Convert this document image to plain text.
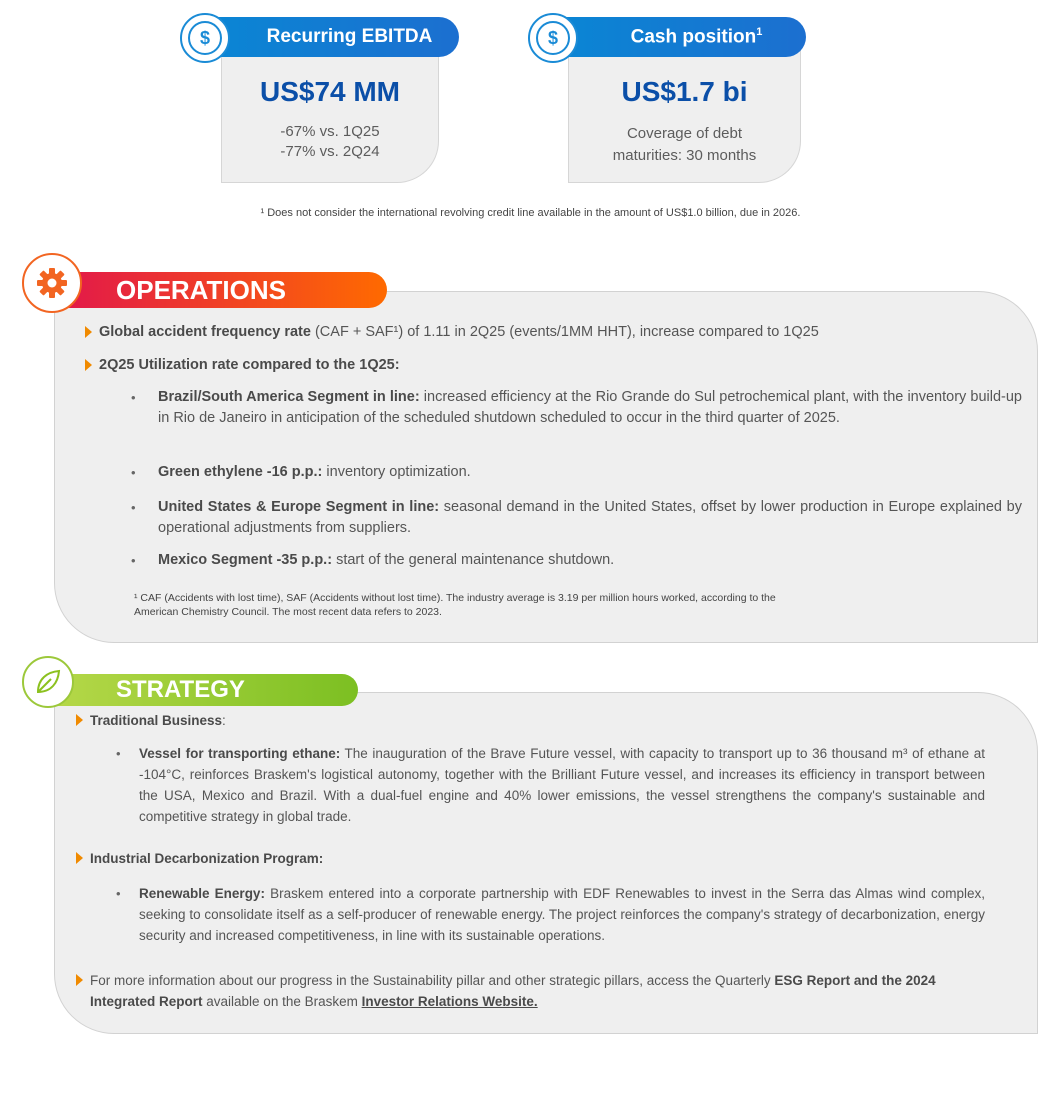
US$74 MM
-67% vs. 1Q25
-77% vs. 2Q24
Recurring EBITDA
$
US$1.7 bi
Coverage of debt
maturities: 30 months
Cash position$^1$
$
¹ Does not consider the international revolving credit line available in the amount of US$1.0 billion, due in 2026.
OPERATIONS
Global accident frequency rate (CAF + SAF¹) of 1.11 in 2Q25 (events/1MM HHT), increase compared to 1Q25
2Q25 Utilization rate compared to the 1Q25:
• Brazil/South America Segment in line: increased efficiency at the Rio Grande do Sul petrochemical plant, with the inventory build-up in Rio de Janeiro in anticipation of the scheduled shutdown scheduled to occur in the third quarter of 2025.
• Green ethylene -16 p.p.: inventory optimization.
• United States & Europe Segment in line: seasonal demand in the United States, offset by lower production in Europe explained by operational adjustments from suppliers.
• Mexico Segment -35 p.p.: start of the general maintenance shutdown.
¹ CAF (Accidents with lost time), SAF (Accidents without lost time). The industry average is 3.19 per million hours worked, according to the
American Chemistry Council. The most recent data refers to 2023.
STRATEGY
Traditional Business:
• Vessel for transporting ethane: The inauguration of the Brave Future vessel, with capacity to transport up to 36 thousand m³ of ethane at -104°C, reinforces Braskem's logistical autonomy, together with the Brilliant Future vessel, and increases its efficiency in transport between the USA, Mexico and Brazil. With a dual-fuel engine and 40% lower emissions, the vessel strengthens the company's sustainable and competitive strategy in global trade.
Industrial Decarbonization Program:
• Renewable Energy: Braskem entered into a corporate partnership with EDF Renewables to invest in the Serra das Almas wind complex, seeking to consolidate itself as a self-producer of renewable energy. The project reinforces the company's strategy of decarbonization, energy security and increased competitiveness, in line with its sustainable operations.
For more information about our progress in the Sustainability pillar and other strategic pillars, access the Quarterly ESG Report and the 2024 Integrated Report available on the Braskem Investor Relations Website.
